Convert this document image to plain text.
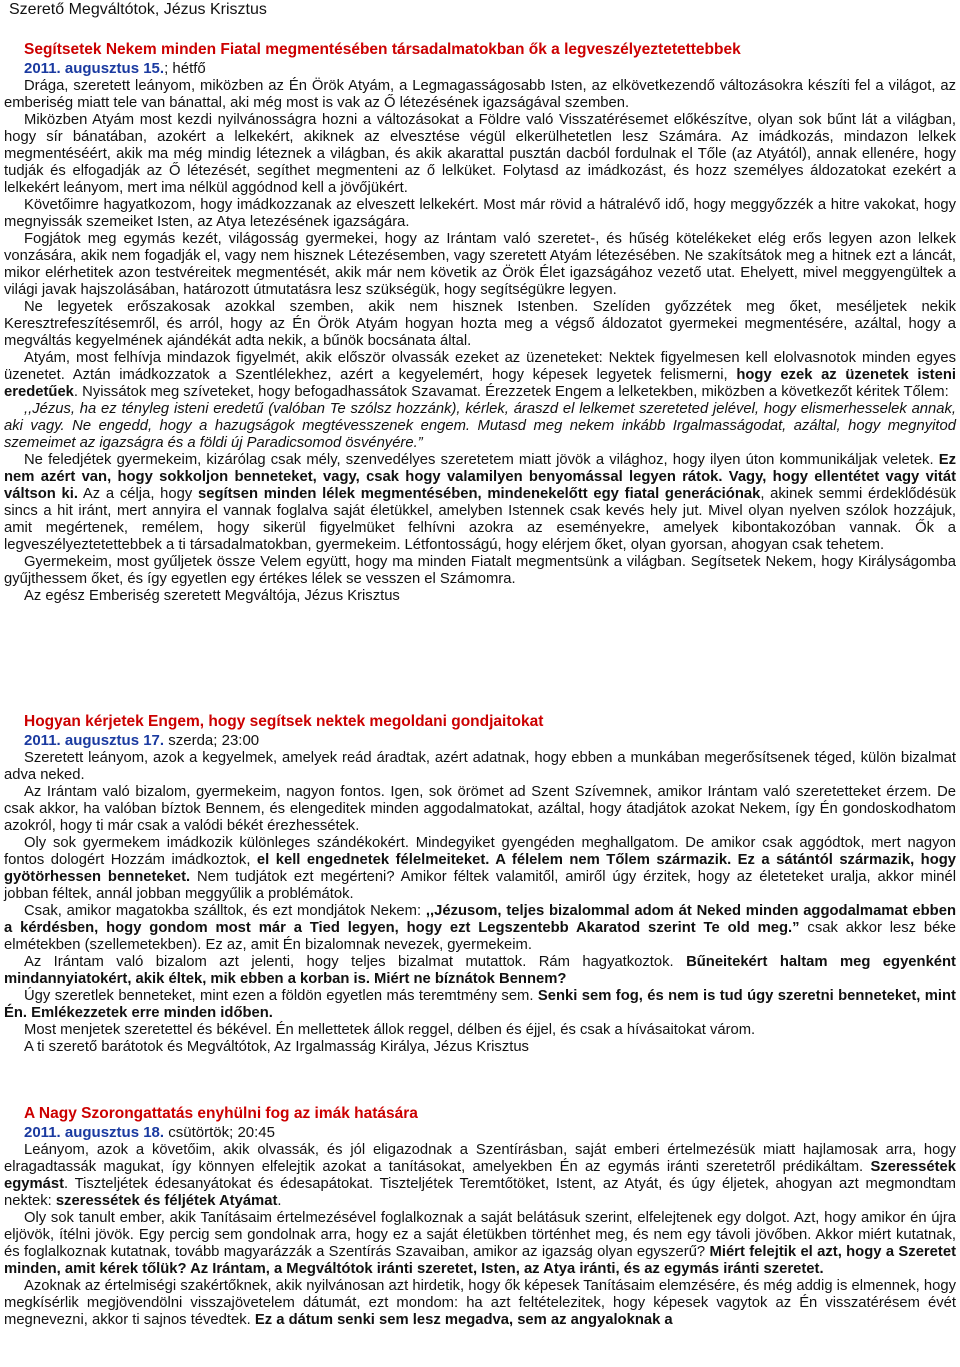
Szerető Megváltótok, Jézus Krisztus

Segítsetek Nekem minden Fiatal megmentésében társadalmatokban ők a legveszélyeztetettebbek

2011. augusztus 15.; hétfő

Drága, szeretett leányom, miközben az Én Örök Atyám, a Legmagasságosabb Isten, az elkövetkezendő változásokra készíti fel a világot, az emberiség miatt tele van bánattal, aki még most is vak az Ő létezésének igazságával szemben.

Miközben Atyám most kezdi nyilvánosságra hozni a változásokat a Földre való Visszatérésemet előkészítve, olyan sok bűnt lát a világban, hogy sír bánatában, azokért a lelkekért, akiknek az elvesztése végül elkerülhetetlen lesz Számára. Az imádkozás, mindazon lelkek megmentéséért, akik ma még mindig léteznek a világban, és akik akarattal pusztán dacból fordulnak el Tőle (az Atyától), annak ellenére, hogy tudják és elfogadják az Ő létezését, segíthet megmenteni az ő lelküket. Folytasd az imádkozást, és hozz személyes áldozatokat ezekért a lelkekért leányom, mert ima nélkül aggódnod kell a jövőjükért.

Követőimre hagyatkozom, hogy imádkozzanak az elveszett lelkekért. Most már rövid a hátralévő idő, hogy meggyőzzék a hitre vakokat, hogy megnyissák szemeiket Isten, az Atya letezésének igazságára.

Fogjátok meg egymás kezét, világosság gyermekei, hogy az Irántam való szeretet-, és hűség kötelékeket elég erős legyen azon lelkek vonzására, akik nem fogadják el, vagy nem hisznek Létezésemben, vagy szeretett Atyám létezésében. Ne szakítsátok meg a hitnek ezt a láncát, mikor elérhetitek azon testvéreitek megmentését, akik már nem követik az Örök Élet igazságához vezető utat. Ehelyett, mivel meggyengültek a világi javak hajszolásában, határozott útmutatásra lesz szükségük, hogy segítségükre legyen.

Ne legyetek erőszakosak azokkal szemben, akik nem hisznek Istenben. Szelíden győzzétek meg őket, meséljetek nekik Keresztrefeszítésemről, és arról, hogy az Én Örök Atyám hogyan hozta meg a végső áldozatot gyermekei megmentésére, azáltal, hogy a megváltás kegyelmének ajándékát adta nekik, a bűnök bocsánata által.

Atyám, most felhívja mindazok figyelmét, akik először olvassák ezeket az üzeneteket: Nektek figyelmesen kell elolvasnotok minden egyes üzenetet. Aztán imádkozzatok a Szentlélekhez, azért a kegyelemért, hogy képesek legyetek felismerni, hogy ezek az üzenetek isteni eredetűek. Nyissátok meg szíveteket, hogy befogadhassátok Szavamat. Érezzetek Engem a lelketekben, miközben a következőt kéritek Tőlem:

,,Jézus, ha ez tényleg isteni eredetű (valóban Te szólsz hozzánk), kérlek, áraszd el lelkemet szereteted jelével, hogy elismerhesselek annak, aki vagy. Ne engedd, hogy a hazugságok megtévesszenek engem. Mutasd meg nekem inkább Irgalmasságodat, azáltal, hogy megnyitod szemeimet az igazságra és a földi új Paradicsomod ösvényére.”

Ne feledjétek gyermekeim, kizárólag csak mély, szenvedélyes szeretetem miatt jövök a világhoz, hogy ilyen úton kommunikáljak veletek. Ez nem azért van, hogy sokkoljon benneteket, vagy, csak hogy valamilyen benyomással legyen rátok. Vagy, hogy ellentétet vagy vitát váltson ki. Az a célja, hogy segítsen minden lélek megmentésében, mindenekelőtt egy fiatal generációnak, akinek semmi érdeklődésük sincs a hit iránt, mert annyira el vannak foglalva saját életükkel, amelyben Istennek csak kevés hely jut. Mivel olyan nyelven szólok hozzájuk, amit megértenek, remélem, hogy sikerül figyelmüket felhívni azokra az eseményekre, amelyek kibontakozóban vannak. Ők a legveszélyeztetettebbek a ti társadalmatokban, gyermekeim. Létfontosságú, hogy elérjem őket, olyan gyorsan, ahogyan csak tehetem.

Gyermekeim, most gyűljetek össze Velem együtt, hogy ma minden Fiatalt megmentsünk a világban. Segítsetek Nekem, hogy Királyságomba gyűjthessem őket, és így egyetlen egy értékes lélek se vesszen el Számomra.

Az egész Emberiség szeretett Megváltója, Jézus Krisztus

Hogyan kérjetek Engem, hogy segítsek nektek megoldani gondjaitokat

2011. augusztus 17. szerda; 23:00

Szeretett leányom, azok a kegyelmek, amelyek reád áradtak, azért adatnak, hogy ebben a munkában megerősítsenek téged, külön bizalmat adva neked.

Az Irántam való bizalom, gyermekeim, nagyon fontos. Igen, sok örömet ad Szent Szívemnek, amikor Irántam való szeretetteket érzem. De csak akkor, ha valóban bíztok Bennem, és elengeditek minden aggodalmatokat, azáltal, hogy átadjátok azokat Nekem, így Én gondoskodhatom azokról, hogy ti már csak a valódi békét érezhessétek.

Oly sok gyermekem imádkozik különleges szándékokért. Mindegyiket gyengéden meghallgatom. De amikor csak aggódtok, mert nagyon fontos dologért Hozzám imádkoztok, el kell engednetek félelmeiteket. A félelem nem Tőlem származik. Ez a sátántól származik, hogy gyötörhessen benneteket. Nem tudjátok ezt megérteni? Amikor féltek valamitől, amiről úgy érzitek, hogy az életeteket uralja, akkor minél jobban féltek, annál jobban meggyűlik a problémátok.

Csak, amikor magatokba szálltok, és ezt mondjátok Nekem: ,,Jézusom, teljes bizalommal adom át Neked minden aggodalmamat ebben a kérdésben, hogy gondom most már a Tied legyen, hogy ezt Legszentebb Akaratod szerint Te old meg.” csak akkor lesz béke elmétekben (szellemetekben). Ez az, amit Én bizalomnak nevezek, gyermekeim.

Az Irántam való bizalom azt jelenti, hogy teljes bizalmat mutattok. Rám hagyatkoztok. Bűneitekért haltam meg egyenként mindannyiatokért, akik éltek, mik ebben a korban is. Miért ne bíznátok Bennem?

Úgy szeretlek benneteket, mint ezen a földön egyetlen más teremtmény sem. Senki sem fog, és nem is tud úgy szeretni benneteket, mint Én. Emlékezzetek erre minden időben.

Most menjetek szeretettel és békével. Én mellettetek állok reggel, délben és éjjel, és csak a hívásaitokat várom.

A ti szerető barátotok és Megváltótok, Az Irgalmasság Királya, Jézus Krisztus

A Nagy Szorongattatás enyhülni fog az imák hatására

2011. augusztus 18. csütörtök; 20:45

Leányom, azok a követőim, akik olvassák, és jól eligazodnak a Szentírásban, saját emberi értelmezésük miatt hajlamosak arra, hogy elragadtassák magukat, így könnyen elfelejtik azokat a tanításokat, amelyekben Én az egymás iránti szeretetről prédikáltam. Szeressétek egymást. Tiszteljétek édesanyátokat és édesapátokat. Tiszteljétek Teremtőtöket, Istent, az Atyát, és úgy éljetek, ahogyan azt megmondtam nektek: szeressétek és féljétek Atyámat.

Oly sok tanult ember, akik Tanításaim értelmezésével foglalkoznak a saját belátásuk szerint, elfelejtenek egy dolgot. Azt, hogy amikor én újra eljövök, ítélni jövök. Egy percig sem gondolnak arra, hogy ez a saját életükben történhet meg, és nem egy távoli jövőben. Akkor miért kutatnak, és foglalkoznak kutatnak, tovább magyarázzák a Szentírás Szavaiban, amikor az igazság olyan egyszerű? Miért felejtik el azt, hogy a Szeretet minden, amit kérek tőlük? Az Irántam, a Megváltótok iránti szeretet, Isten, az Atya iránti, és az egymás iránti szeretet.

Azoknak az értelmiségi szakértőknek, akik nyilvánosan azt hirdetik, hogy ők képesek Tanításaim elemzésére, és még addig is elmennek, hogy megkísérlik megjövendölni visszajövetelem dátumát, ezt mondom: ha azt feltételezitek, hogy képesek vagytok az Én visszatérésem évét megnevezni, akkor ti sajnos tévedtek. Ez a dátum senki sem lesz megadva, sem az angyaloknak a
